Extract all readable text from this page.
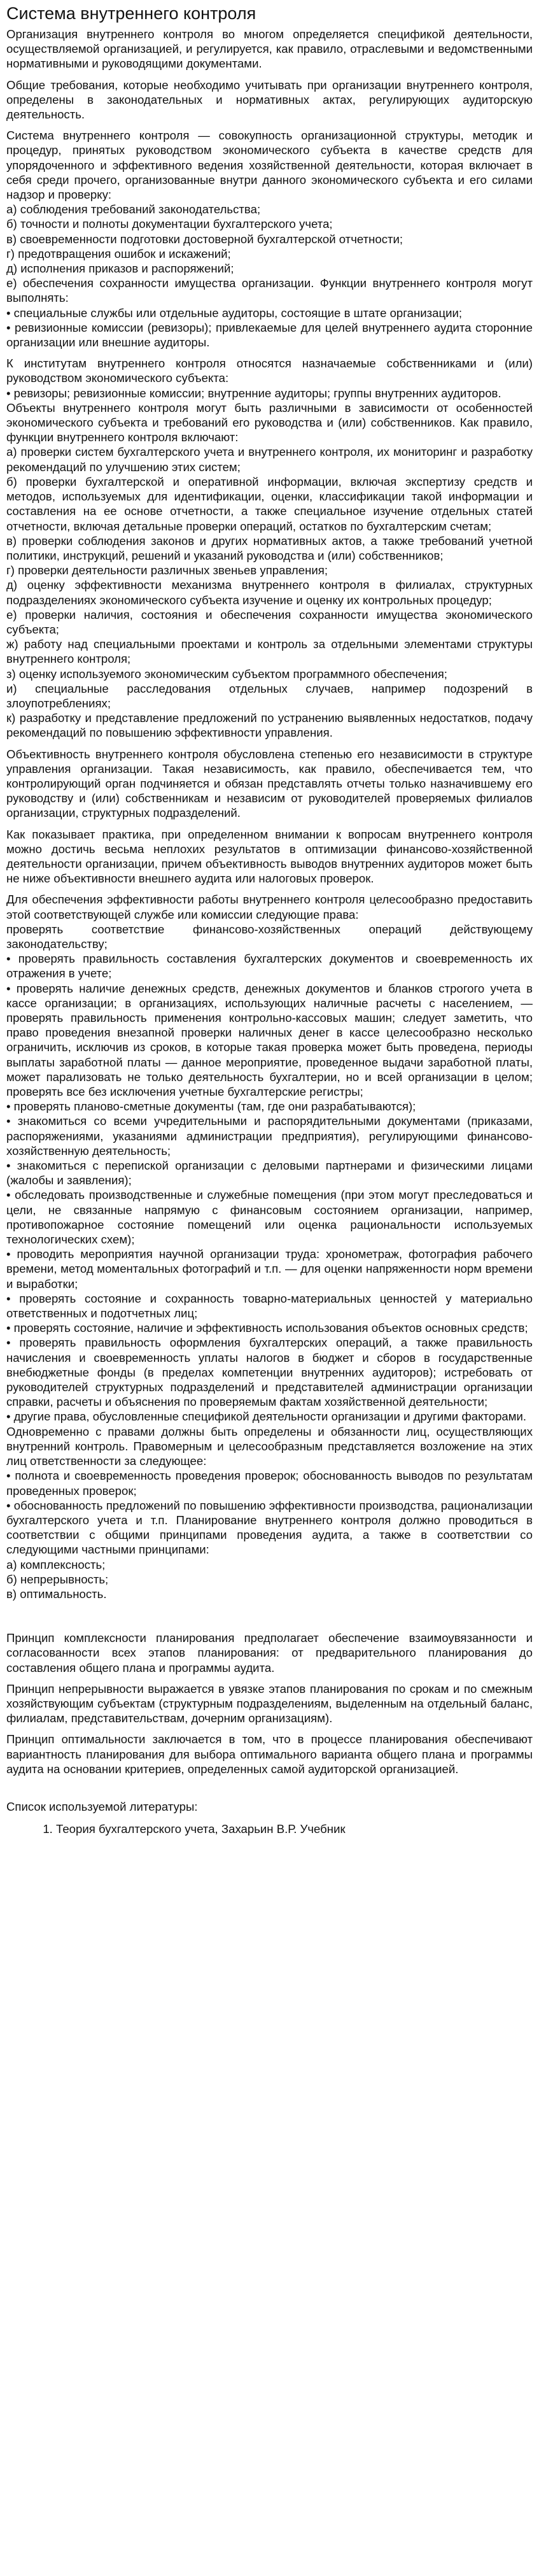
Система внутреннего контроля
Организация внутреннего контроля во многом определяется спецификой деятельности, осуществляемой организацией, и регулируется, как правило, отраслевыми и ведомственными нормативными и руководящими документами.
Общие требования, которые необходимо учитывать при организации внутреннего контроля, определены в законодательных и нормативных актах, регулирующих аудиторскую деятельность.
Система внутреннего контроля — совокупность организационной структуры, методик и процедур, принятых руководством экономического субъекта в качестве средств для упорядоченного и эффективного ведения хозяйственной деятельности, которая включает в себя среди прочего, организованные внутри данного экономического субъекта и его силами надзор и проверку:
а) соблюдения требований законодательства;
б) точности и полноты документации бухгалтерского учета;
в) своевременности подготовки достоверной бухгалтерской отчетности;
г) предотвращения ошибок и искажений;
д) исполнения приказов и распоряжений;
е) обеспечения сохранности имущества организации. Функции внутреннего контроля могут выполнять:
• специальные службы или отдельные аудиторы, состоящие в штате организации;
• ревизионные комиссии (ревизоры); привлекаемые для целей внутреннего аудита сторонние организации или внешние аудиторы.
К институтам внутреннего контроля относятся назначаемые собственниками и (или) руководством экономического субъекта:
• ревизоры; ревизионные комиссии; внутренние аудиторы; группы внутренних аудиторов.
Объекты внутреннего контроля могут быть различными в зависимости от особенностей экономического субъекта и требований его руководства и (или) собственников. Как правило, функции внутреннего контроля включают:
а) проверки систем бухгалтерского учета и внутреннего контроля, их мониторинг и разработку рекомендаций по улучшению этих систем;
б) проверки бухгалтерской и оперативной информации, включая экспертизу средств и методов, используемых для идентификации, оценки, классификации такой информации и составления на ее основе отчетности, а также специальное изучение отдельных статей отчетности, включая детальные проверки операций, остатков по бухгалтерским счетам;
в) проверки соблюдения законов и других нормативных актов, а также требований учетной политики, инструкций, решений и указаний руководства и (или) собственников;
г) проверки деятельности различных звеньев управления;
д) оценку эффективности механизма внутреннего контроля в филиалах, структурных подразделениях экономического субъекта изучение и оценку их контрольных процедур;
е) проверки наличия, состояния и обеспечения сохранности имущества экономического субъекта;
ж) работу над специальными проектами и контроль за отдельными элементами структуры внутреннего контроля;
з) оценку используемого экономическим субъектом программного обеспечения;
и) специальные расследования отдельных случаев, например подозрений в злоупотреблениях;
к) разработку и представление предложений по устранению выявленных недостатков, подачу рекомендаций по повышению эффективности управления.
Объективность внутреннего контроля обусловлена степенью его независимости в структуре управления организации. Такая независимость, как правило, обеспечивается тем, что контролирующий орган подчиняется и обязан представлять отчеты только назначившему его руководству и (или) собственникам и независим от руководителей проверяемых филиалов организации, структурных подразделений.
Как показывает практика, при определенном внимании к вопросам внутреннего контроля можно достичь весьма неплохих результатов в оптимизации финансово-хозяйственной деятельности организации, причем объективность выводов внутренних аудиторов может быть не ниже объективности внешнего аудита или налоговых проверок.
Для обеспечения эффективности работы внутреннего контроля целесообразно предоставить этой соответствующей службе или комиссии следующие права:
проверять соответствие финансово-хозяйственных операций действующему законодательству;
• проверять правильность составления бухгалтерских документов и своевременность их отражения в учете;
• проверять наличие денежных средств, денежных документов и бланков строгого учета в кассе организации; в организациях, использующих наличные расчеты с населением, — проверять правильность применения контрольно-кассовых машин; следует заметить, что право проведения внезапной проверки наличных денег в кассе целесообразно несколько ограничить, исключив из сроков, в которые такая проверка может быть проведена, периоды выплаты заработной платы — данное мероприятие, проведенное выдачи заработной платы, может парализовать не только деятельность бухгалтерии, но и всей организации в целом; проверять все без исключения учетные бухгалтерские регистры;
• проверять планово-сметные документы (там, где они разрабатываются);
• знакомиться со всеми учредительными и распорядительными документами (приказами, распоряжениями, указаниями администрации предприятия), регулирующими финансово-хозяйственную деятельность;
• знакомиться с перепиской организации с деловыми партнерами и физическими лицами (жалобы и заявления);
• обследовать производственные и служебные помещения (при этом могут преследоваться и цели, не связанные напрямую с финансовым состоянием организации, например, противопожарное состояние помещений или оценка рациональности используемых технологических схем);
• проводить мероприятия научной организации труда: хронометраж, фотография рабочего времени, метод моментальных фотографий и т.п. — для оценки напряженности норм времени и выработки;
• проверять состояние и сохранность товарно-материальных ценностей у материально ответственных и подотчетных лиц;
• проверять состояние, наличие и эффективность использования объектов основных средств;
• проверять правильность оформления бухгалтерских операций, а также правильность начисления и своевременность уплаты налогов в бюджет и сборов в государственные внебюджетные фонды (в пределах компетенции внутренних аудиторов); истребовать от руководителей структурных подразделений и представителей администрации организации справки, расчеты и объяснения по проверяемым фактам хозяйственной деятельности;
• другие права, обусловленные спецификой деятельности организации и другими факторами.
Одновременно с правами должны быть определены и обязанности лиц, осуществляющих внутренний контроль. Правомерным и целесообразным представляется возложение на этих лиц ответственности за следующее:
• полнота и своевременность проведения проверок; обоснованность выводов по результатам проведенных проверок;
• обоснованность предложений по повышению эффективности производства, рационализации бухгалтерского учета и т.п. Планирование внутреннего контроля должно проводиться в соответствии с общими принципами проведения аудита, а также в соответствии со следующими частными принципами:
а) комплексность;
б) непрерывность;
в) оптимальность.
Принцип комплексности планирования предполагает обеспечение взаимоувязанности и согласованности всех этапов планирования: от предварительного планирования до составления общего плана и программы аудита.
Принцип непрерывности выражается в увязке этапов планирования по срокам и по смежным хозяйствующим субъектам (структурным подразделениям, выделенным на отдельный баланс, филиалам, представительствам, дочерним организациям).
Принцип оптимальности заключается в том, что в процессе планирования обеспечивают вариантность планирования для выбора оптимального варианта общего плана и программы аудита на основании критериев, определенных самой аудиторской организацией.
Список используемой литературы:
1. Теория бухгалтерского учета, Захарьин В.Р. Учебник
